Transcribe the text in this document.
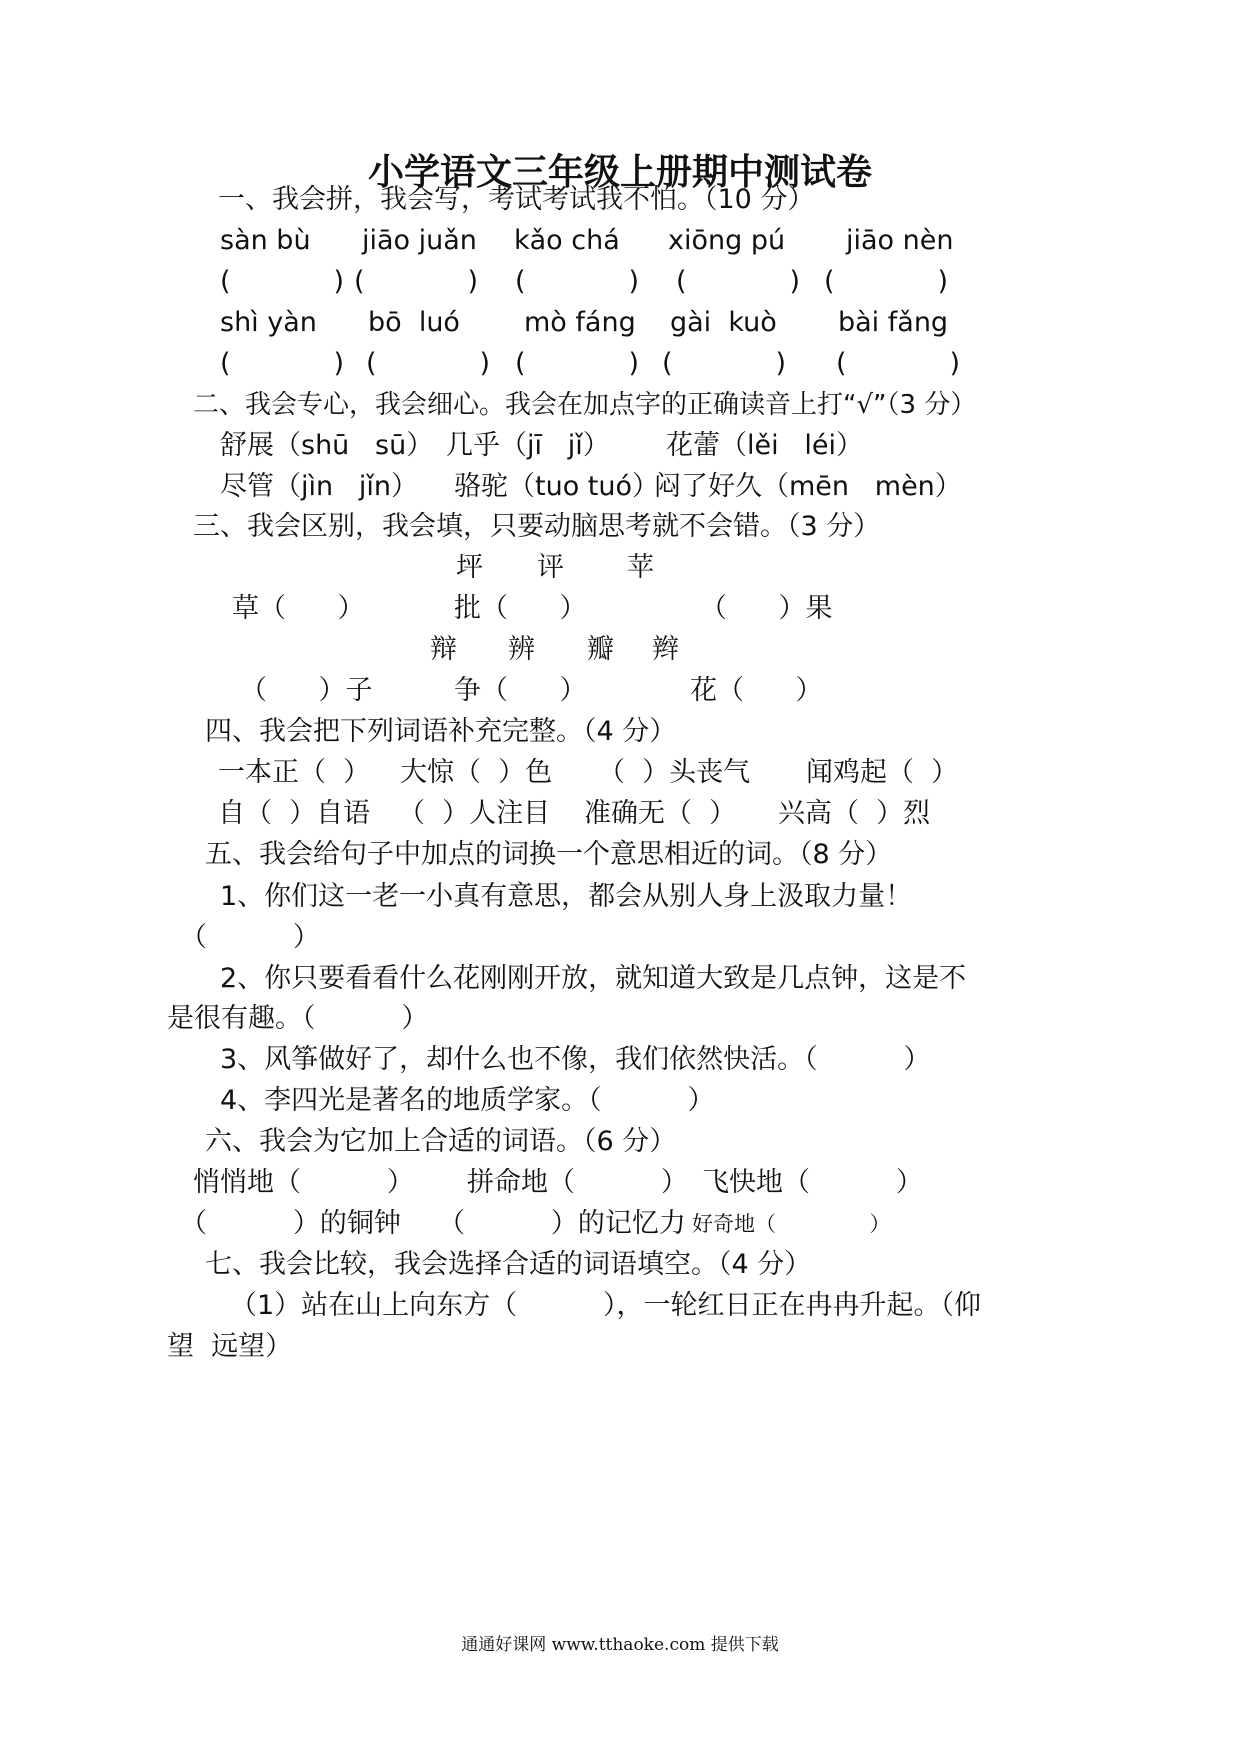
小学语文三年级上册期中测试卷
一、我会拼，我会写，考试考试我不怕。（10 分）
sàn bù jiāo juǎn kǎo chá xiōng pú jiāo nèn
(            ) (            ) (            ) (            ) (            )
shì yàn bō  luó mò fáng gài  kuò bài fǎng
(            ) (            ) (            ) (            ) (            )
二、我会专心，我会细心。我会在加点字的正确读音上打“√”（3 分）
舒展（shū   sū） 几乎（jī   jǐ） 花蕾（lěi   léi）
尽管（jìn   jǐn） 骆驼（tuo tuó）
闷了好久（mēn   mèn）
三、我会区别，我会填，只要动脑思考就不会错。（3 分）
坪 评 苹
草（      ）	批（      ）	（      ）果
辩 辨 瓣 辫
（      ）子	争（      ）	花（      ）
四、我会把下列词语补充完整。（4 分）
一本正（  ） 大惊（  ）色 （  ）头丧气 闻鸡起（  ）
自（  ）自语 （  ）人注目 准确无（  ） 兴高（  ）烈
五、我会给句子中加点的词换一个意思相近的词。（8 分）
1、你们这一老一小真有意思，都会从别人身上汲取力量！
（          ）
2、你只要看看什么花刚刚开放，就知道大致是几点钟，这是不
是很有趣。（          ）
3、风筝做好了，却什么也不像，我们依然快活。（          ）
4、李四光是著名的地质学家。（          ）
六、我会为它加上合适的词语。（6 分）
悄悄地（          ） 拼命地（          ） 飞快地（          ）
（          ）的铜钟 （          ）的记忆力 好奇地（              ）
七、我会比较，我会选择合适的词语填空。（4 分）
（1）站在山上向东方（          ），一轮红日正在冉冉升起。（仰
望  远望）
通通好课网 www.tthaoke.com 提供下载
